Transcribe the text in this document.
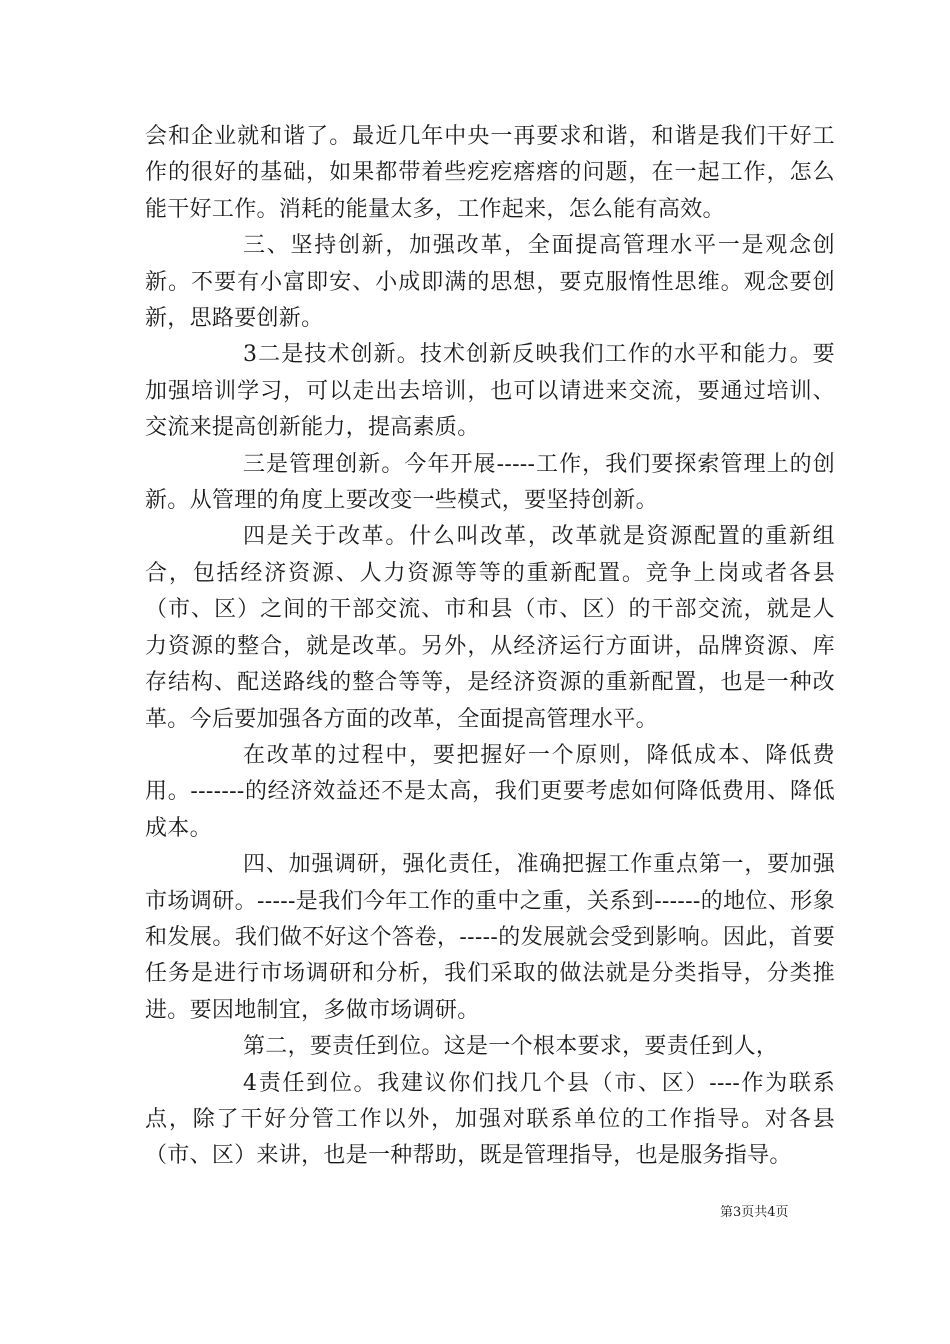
会和企业就和谐了。最近几年中央一再要求和谐，和谐是我们干好工作的很好的基础，如果都带着些疙疙瘩瘩的问题，在一起工作，怎么能干好工作。消耗的能量太多，工作起来，怎么能有高效。

三、坚持创新，加强改革，全面提高管理水平一是观念创新。不要有小富即安、小成即满的思想，要克服惰性思维。观念要创新，思路要创新。

3二是技术创新。技术创新反映我们工作的水平和能力。要加强培训学习，可以走出去培训，也可以请进来交流，要通过培训、交流来提高创新能力，提高素质。

三是管理创新。今年开展-----工作，我们要探索管理上的创新。从管理的角度上要改变一些模式，要坚持创新。

四是关于改革。什么叫改革，改革就是资源配置的重新组合，包括经济资源、人力资源等等的重新配置。竞争上岗或者各县（市、区）之间的干部交流、市和县（市、区）的干部交流，就是人力资源的整合，就是改革。另外，从经济运行方面讲，品牌资源、库存结构、配送路线的整合等等，是经济资源的重新配置，也是一种改革。今后要加强各方面的改革，全面提高管理水平。

在改革的过程中，要把握好一个原则，降低成本、降低费用。-------的经济效益还不是太高，我们更要考虑如何降低费用、降低成本。

四、加强调研，强化责任，准确把握工作重点第一，要加强市场调研。-----是我们今年工作的重中之重，关系到------的地位、形象和发展。我们做不好这个答卷，-----的发展就会受到影响。因此，首要任务是进行市场调研和分析，我们采取的做法就是分类指导，分类推进。要因地制宜，多做市场调研。

第二，要责任到位。这是一个根本要求，要责任到人，

4责任到位。我建议你们找几个县（市、区）----作为联系点，除了干好分管工作以外，加强对联系单位的工作指导。对各县（市、区）来讲，也是一种帮助，既是管理指导，也是服务指导。

第3页共4页
